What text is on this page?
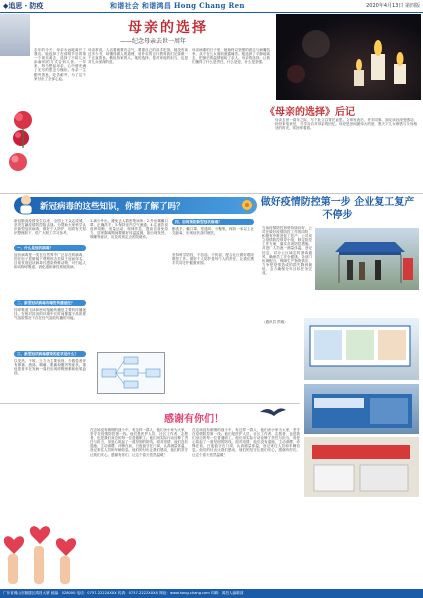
◆追思・防疫	和谐社会 和谐鸿昌 Hong Chang Ren	2020年4月13日 第四版
去年的今天，母亲永远地离开了我们。她选择了在清明节后的第一个周末离去，选择了不给儿女添麻烦的方式告别人世。一年来，每当想起母亲，心中便充满了无尽的思念与愧疚。母亲一生勤劳善良，吃苦耐劳，为了这个家付出了全部心血。
母亲的选择
——纪念母亲去世一周年
母亲常说，人活着就要有志气，要靠自己的双手吃饭。她没有读过多少书，却懂得做人的道理，用朴实的言行教育我们兄妹做一个正直善良、勤俭持家的人。她的选择，是对家庭的担当，也是对儿女深深的爱。
母亲病重的日子里，她始终以坚强的意志与病魔抗争，从不在儿女面前流露痛苦。她选择了平静地离去，把最后的温情留给了亲人。母亲的选择，让我们懂得了什么是责任，什么是爱，什么是坚强。
《母亲的选择》后记
母亲去世一周年之际，写下此文以寄托哀思。文章发表后，许多同事、朋友读后深受感动，纷纷来电来信，分享各自对母亲的回忆。母爱是世间最伟大的爱，愿天下儿女珍惜与父母相处的时光，常回家看看。
新冠病毒的这些知识，你都了解了吗？
新冠肺炎疫情发生以来，全国上下众志成城，坚决打赢疫情防控阻击战。为帮助大家科学认识新型冠状病毒，做好个人防护，现将有关知识整理如下，供广大职工学习参考。
一、什么是冠状病毒？
冠状病毒是一类在自然界中广泛存在的病毒，因在电子显微镜下观察形态类似王冠而得名。目前发现冠状病毒仅感染脊椎动物，可引起人和动物呼吸道、消化道和神经系统疾病。
二、新型冠状病毒有哪些传播途径？
经呼吸道飞沫和密切接触传播是主要的传播途径。在相对封闭的环境中长时间暴露于高浓度气溶胶情况下存在经气溶胶传播的可能。
三、新型冠状病毒感染的症状是什么？
以发热、干咳、乏力为主要表现，少数患者伴有鼻塞、流涕、咽痛、肌痛和腹泻等症状。重症患者多在发病一周后出现呼吸困难和低氧血症。
1.减少外出，避免去人群密集场所；2.外出佩戴口罩，正确洗手；3.保持室内空气流通；4.注意饮食营养均衡，适量运动，规律作息，提高自身免疫力。居家隔离期间要做好体温监测，如出现发热、咳嗽等症状，应及时到定点医院就诊。
四、如何预防新型冠状病毒？
勤洗手、戴口罩、常通风、少聚集，保持一米以上社交距离，出现症状及时就医。
坚持科学防控，不信谣、不传谣，配合社区做好联防联控工作。做好个人防护是每个人的责任，让我们携手共同守护健康家园。
做好疫情防控第一步 企业复工复产不停步
当前疫情防控形势持续向好，公司在做好疫情防控工作的同时，积极有序推进复工复产。公司成立疫情防控领导小组，制定防控工作方案，落实各项防控措施。对进厂人员逐一测量体温、登记信息，对办公区域定时消毒通风，确保员工安全健康。各部门协调配合，保障生产物资供应，力争把疫情造成的损失降到最低，全力确保全年目标任务完成。
（通讯员 供稿）
感谢有你们！
在这场没有硝烟的战斗中，有这样一群人，他们舍小家为大家，坚守在疫情防控第一线。他们是医护人员、社区工作者、志愿者，也是我们身边的每一位普通职工。他们用实际行动诠释了责任与担当，用爱心筑起了一道坚固的防线。面对疫情，他们没有退缩，主动请缨，冲锋在前，日夜值守在门岗，认真测量体温，登记来往人员和车辆信息。他们的付出让我们感动，他们的坚守让我们安心。感谢有你们，让这个春天依然温暖！
在这场没有硝烟的战斗中，有这样一群人，他们舍小家为大家，坚守在疫情防控第一线。他们是医护人员、社区工作者、志愿者，也是我们身边的每一位普通职工。他们用实际行动诠释了责任与担当，用爱心筑起了一道坚固的防线。面对疫情，他们没有退缩，主动请缨，冲锋在前，日夜值守在门岗，认真测量体温，登记来往人员和车辆信息。他们的付出让我们感动，他们的坚守让我们安心。感谢有你们，让这个春天依然温暖！
广东省佛山市顺德区鸿昌大厦 邮编：528000 电话：0757-2222XXXX 传真：0757-2222XXXX 网址：www.hong-chang.com 印刷：鸿昌人编辑部
